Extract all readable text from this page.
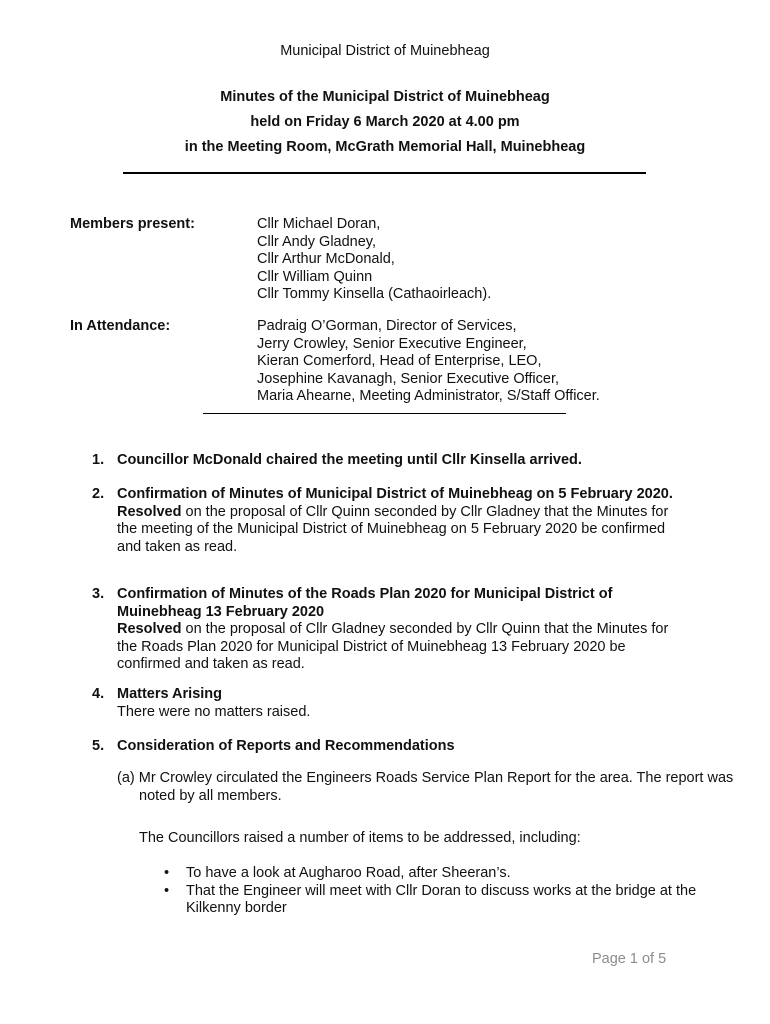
Municipal District of Muinebheag
Minutes of the Municipal District of Muinebheag
held on Friday 6 March 2020 at 4.00 pm
in the Meeting Room, McGrath Memorial Hall, Muinebheag
Members present:	Cllr Michael Doran,
Cllr Andy Gladney,
Cllr Arthur McDonald,
Cllr William Quinn
Cllr Tommy Kinsella (Cathaoirleach).
In Attendance:	Padraig O’Gorman, Director of Services,
Jerry Crowley, Senior Executive Engineer,
Kieran Comerford, Head of Enterprise, LEO,
Josephine Kavanagh, Senior Executive Officer,
Maria Ahearne, Meeting Administrator, S/Staff Officer.
1. Councillor McDonald chaired the meeting until Cllr Kinsella arrived.
2. Confirmation of Minutes of Municipal District of Muinebheag on 5 February 2020.
Resolved on the proposal of Cllr Quinn seconded by Cllr Gladney that the Minutes for the meeting of the Municipal District of Muinebheag on 5 February 2020 be confirmed and taken as read.
3. Confirmation of Minutes of the Roads Plan 2020 for Municipal District of Muinebheag 13 February 2020
Resolved on the proposal of Cllr Gladney seconded by Cllr Quinn that the Minutes for the Roads Plan 2020 for Municipal District of Muinebheag 13 February 2020 be confirmed and taken as read.
4. Matters Arising
There were no matters raised.
5. Consideration of Reports and Recommendations
(a) Mr Crowley circulated the Engineers Roads Service Plan Report for the area. The report was noted by all members.
The Councillors raised a number of items to be addressed, including:
• To have a look at Augharoo Road, after Sheeran’s.
• That the Engineer will meet with Cllr Doran to discuss works at the bridge at the Kilkenny border
Page 1 of 5
